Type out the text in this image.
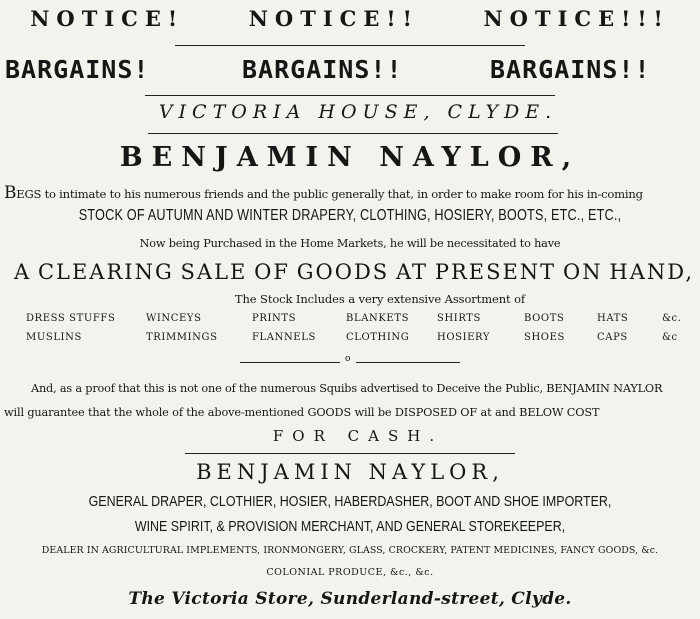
NOTICE!	NOTICE!!	NOTICE!!!
BARGAINS!	BARGAINS!!	BARGAINS!!
VICTORIA HOUSE, CLYDE.
BENJAMIN NAYLOR,
BEGS to intimate to his numerous friends and the public generally that, in order to make room for his in-coming
STOCK OF AUTUMN AND WINTER DRAPERY, CLOTHING, HOSIERY, BOOTS, ETC., ETC.,
Now being Purchased in the Home Markets, he will be necessitated to have
A CLEARING SALE OF GOODS AT PRESENT ON HAND,
The Stock Includes a very extensive Assortment of
DRESS STUFFS	WINCEYS	PRINTS	BLANKETS	SHIRTS	BOOTS	HATS	&c.
MUSLINS	TRIMMINGS	FLANNELS	CLOTHING	HOSIERY	SHOES	CAPS	&c
o
And, as a proof that this is not one of the numerous Squibs advertised to Deceive the Public, BENJAMIN NAYLOR
will guarantee that the whole of the above-mentioned GOODS will be DISPOSED OF at and BELOW COST
FOR CASH.
BENJAMIN NAYLOR,
GENERAL DRAPER, CLOTHIER, HOSIER, HABERDASHER, BOOT AND SHOE IMPORTER,
WINE SPIRIT, & PROVISION MERCHANT, AND GENERAL STOREKEEPER,
DEALER IN AGRICULTURAL IMPLEMENTS, IRONMONGERY, GLASS, CROCKERY, PATENT MEDICINES, FANCY GOODS, &c.
COLONIAL PRODUCE, &c., &c.
The Victoria Store, Sunderland-street, Clyde.
